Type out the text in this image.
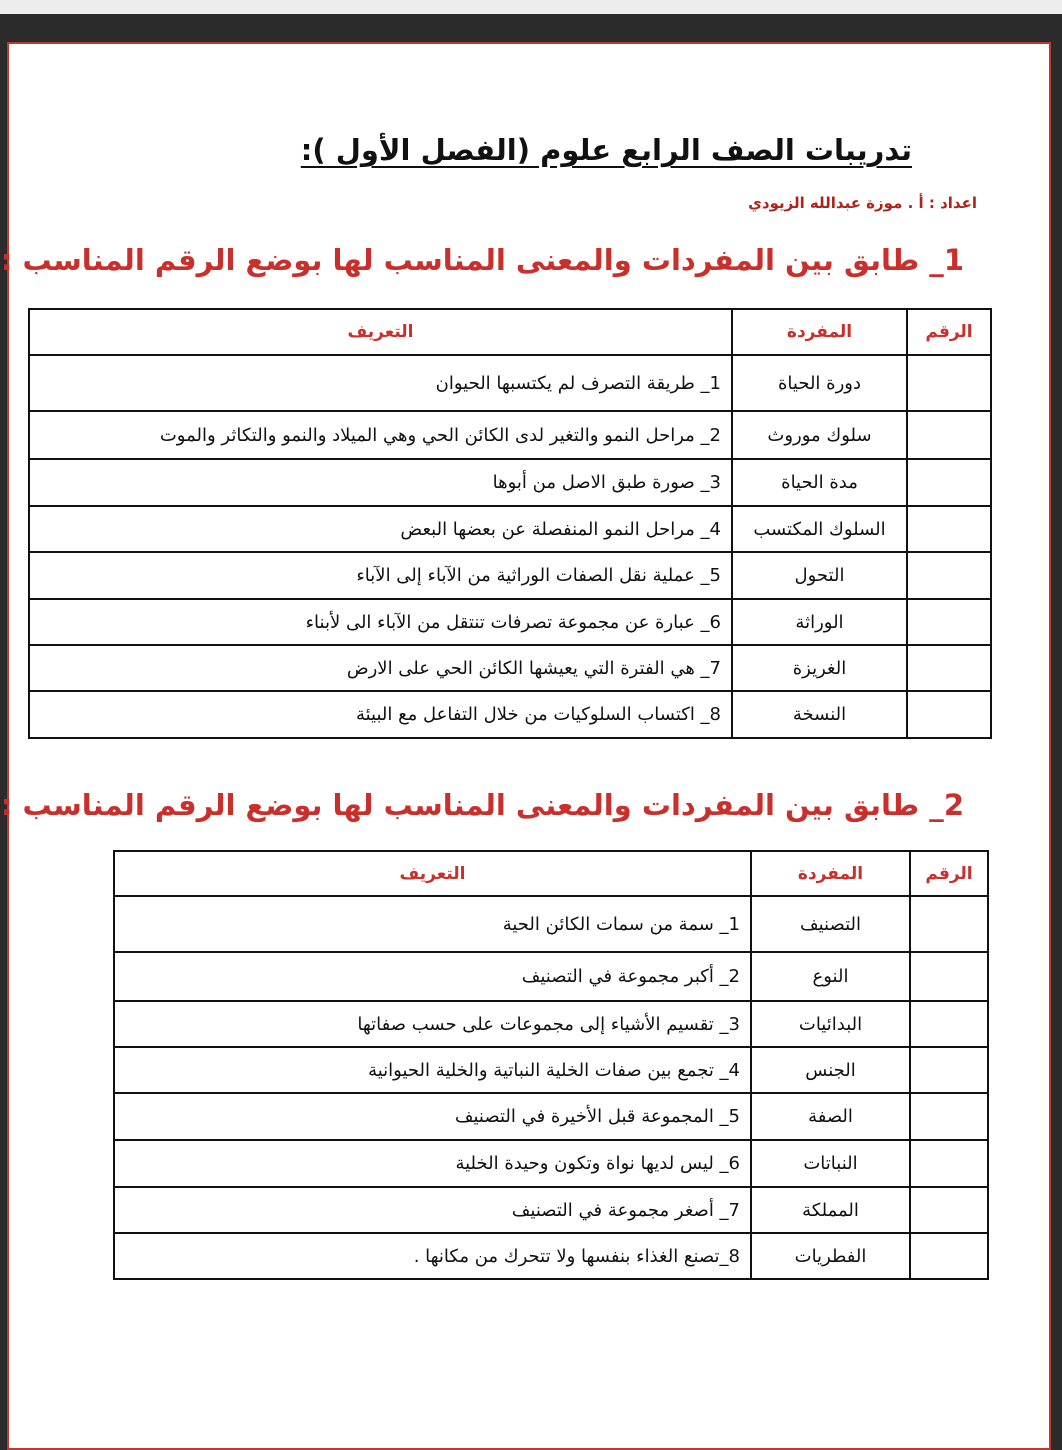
تدريبات الصف الرابع علوم (الفصل الأول ):
اعداد : أ . موزة عبدالله الزيودي
1_ طابق بين المفردات والمعنى المناسب لها بوضع الرقم المناسب :
الرقم	المفردة	التعريف
	دورة الحياة	1_ طريقة التصرف لم يكتسبها الحيوان
	سلوك موروث	2_ مراحل النمو والتغير لدى الكائن الحي وهي الميلاد والنمو والتكاثر والموت
	مدة الحياة	3_ صورة طبق الاصل من أبوها
	السلوك المكتسب	4_ مراحل النمو المنفصلة عن بعضها البعض
	التحول	5_ عملية نقل الصفات الوراثية من الآباء إلى الآباء
	الوراثة	6_ عبارة عن مجموعة تصرفات تنتقل من الآباء الى لأبناء
	الغريزة	7_ هي الفترة التي يعيشها الكائن الحي على الارض
	النسخة	8_ اكتساب السلوكيات من خلال التفاعل مع البيئة
2_ طابق بين المفردات والمعنى المناسب لها بوضع الرقم المناسب :
الرقم	المفردة	التعريف
	التصنيف	1_ سمة من سمات الكائن الحية
	النوع	2_ أكبر مجموعة في التصنيف
	البدائيات	3_ تقسيم الأشياء إلى مجموعات على حسب صفاتها
	الجنس	4_ تجمع بين صفات الخلية النباتية والخلية الحيوانية
	الصفة	5_ المجموعة قبل الأخيرة في التصنيف
	النباتات	6_ ليس لديها نواة وتكون وحيدة الخلية
	المملكة	7_ أصغر مجموعة في التصنيف
	الفطريات	8_تصنع الغذاء بنفسها ولا تتحرك من مكانها .
